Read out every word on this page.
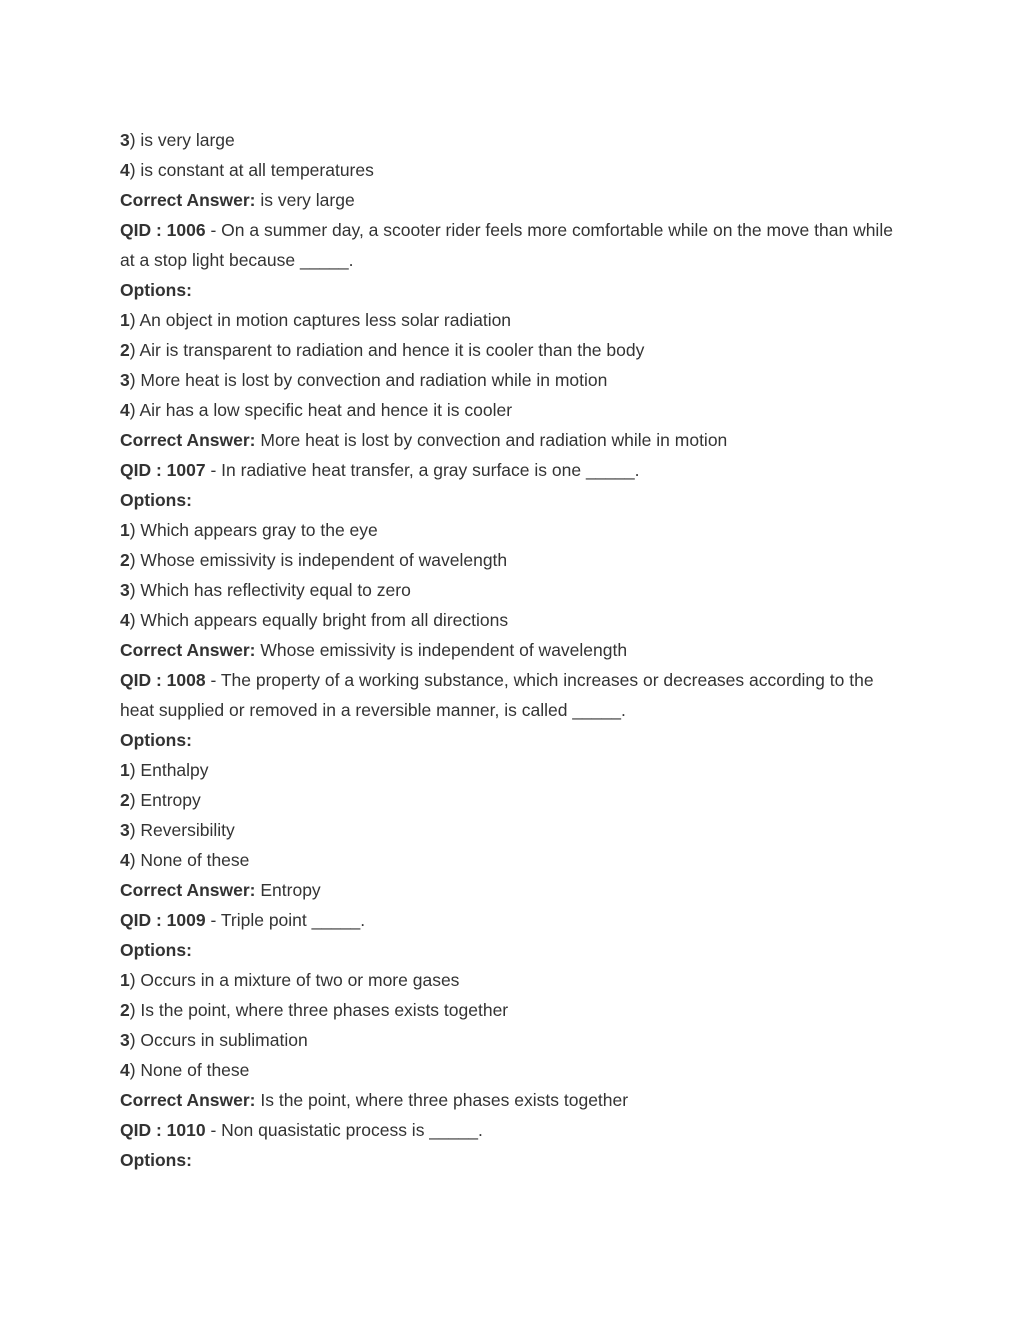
3) is very large

4) is constant at all temperatures

Correct Answer: is very large

QID : 1006 - On a summer day, a scooter rider feels more comfortable while on the move than while at a stop light because _____.

Options:

1) An object in motion captures less solar radiation

2) Air is transparent to radiation and hence it is cooler than the body

3) More heat is lost by convection and radiation while in motion

4) Air has a low specific heat and hence it is cooler

Correct Answer: More heat is lost by convection and radiation while in motion

QID : 1007 - In radiative heat transfer, a gray surface is one _____.

Options:

1) Which appears gray to the eye

2) Whose emissivity is independent of wavelength

3) Which has reflectivity equal to zero

4) Which appears equally bright from all directions

Correct Answer: Whose emissivity is independent of wavelength

QID : 1008 - The property of a working substance, which increases or decreases according to the heat supplied or removed in a reversible manner, is called _____.

Options:

1) Enthalpy

2) Entropy

3) Reversibility

4) None of these

Correct Answer: Entropy

QID : 1009 - Triple point _____.

Options:

1) Occurs in a mixture of two or more gases

2) Is the point, where three phases exists together

3) Occurs in sublimation

4) None of these

Correct Answer: Is the point, where three phases exists together

QID : 1010 - Non quasistatic process is _____.

Options:
